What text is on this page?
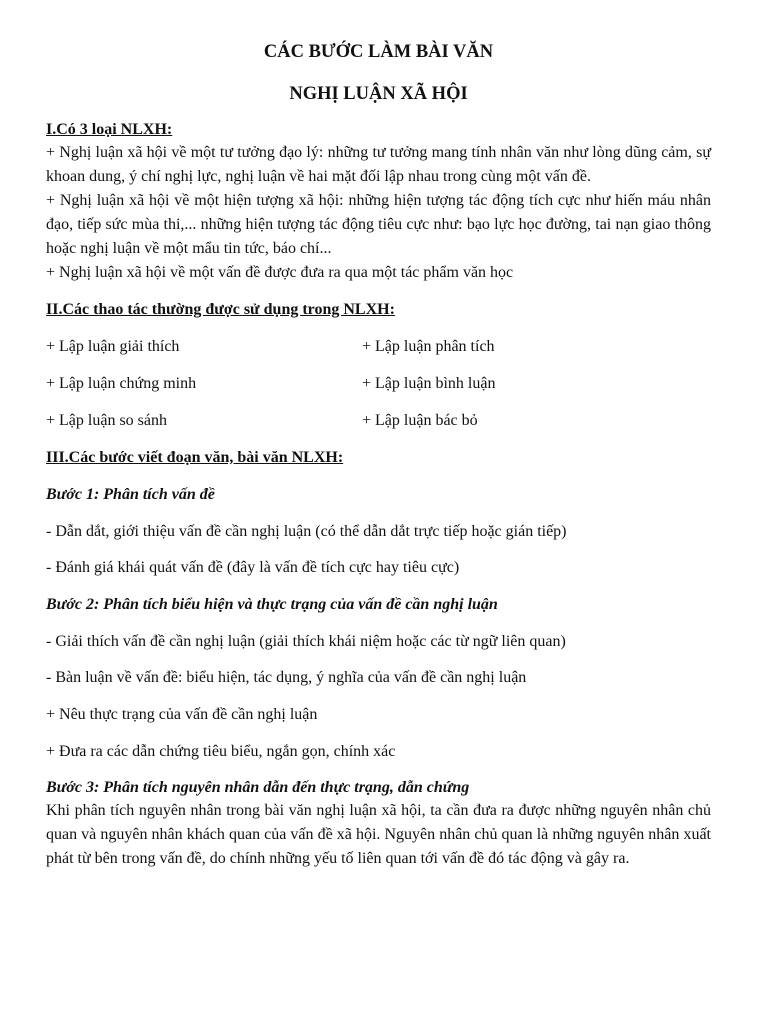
CÁC BƯỚC LÀM BÀI VĂN
NGHỊ LUẬN XÃ HỘI
I.Có 3 loại NLXH:

+ Nghị luận xã hội về một tư tưởng đạo lý: những tư tưởng mang tính nhân văn như lòng dũng cảm, sự khoan dung, ý chí nghị lực, nghị luận về hai mặt đối lập nhau trong cùng một vấn đề.

+ Nghị luận xã hội về một hiện tượng xã hội: những hiện tượng tác động tích cực như hiến máu nhân đạo, tiếp sức mùa thi,... những hiện tượng tác động tiêu cực như: bạo lực học đường, tai nạn giao thông hoặc nghị luận về một mẩu tin tức, báo chí...

+ Nghị luận xã hội về một vấn đề được đưa ra qua một tác phẩm văn học

II.Các thao tác thường được sử dụng trong NLXH:
+ Lập luận giải thích	+ Lập luận phân tích
+ Lập luận chứng minh	+ Lập luận bình luận
+ Lập luận so sánh	+ Lập luận bác bỏ
III.Các bước viết đoạn văn, bài văn NLXH:
Bước 1: Phân tích vấn đề
- Dẫn dắt, giới thiệu vấn đề cần nghị luận (có thể dẫn dắt trực tiếp hoặc gián tiếp)
- Đánh giá khái quát vấn đề (đây là vấn đề tích cực hay tiêu cực)
Bước 2: Phân tích biểu hiện và thực trạng của vấn đề cần nghị luận
- Giải thích vấn đề cần nghị luận (giải thích khái niệm hoặc các từ ngữ liên quan)
- Bàn luận về vấn đề: biểu hiện, tác dụng, ý nghĩa của vấn đề cần nghị luận
+ Nêu thực trạng của vấn đề cần nghị luận
+ Đưa ra các dẫn chứng tiêu biểu, ngắn gọn, chính xác
Bước 3: Phân tích nguyên nhân dẫn đến thực trạng, dẫn chứng

Khi phân tích nguyên nhân trong bài văn nghị luận xã hội, ta cần đưa ra được những nguyên nhân chủ quan và nguyên nhân khách quan của vấn đề xã hội. Nguyên nhân chủ quan là những nguyên nhân xuất phát từ bên trong vấn đề, do chính những yếu tố liên quan tới vấn đề đó tác động và gây ra.
